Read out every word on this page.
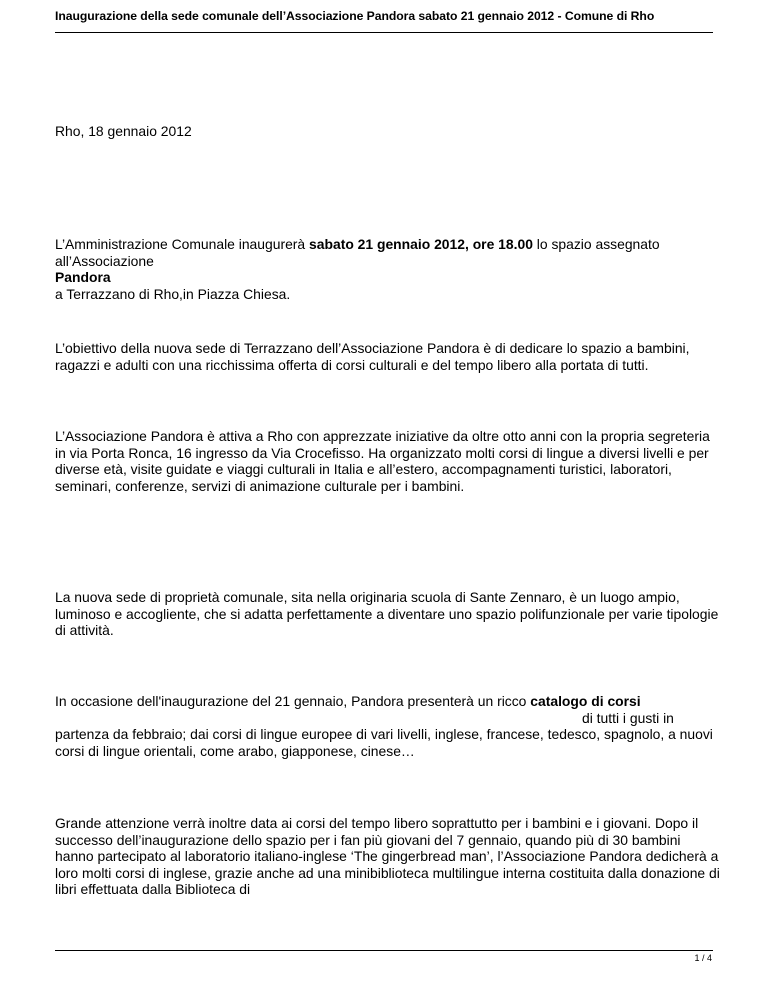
Inaugurazione della sede comunale dell’Associazione Pandora sabato 21 gennaio 2012 - Comune di Rho

Rho, 18 gennaio 2012

L’Amministrazione Comunale inaugurerà sabato 21 gennaio 2012, ore 18.00 lo spazio assegnato all’Associazione
Pandora
a Terrazzano di Rho,in Piazza Chiesa.

L’obiettivo della nuova sede di Terrazzano dell’Associazione Pandora è di dedicare lo spazio a bambini, ragazzi e adulti con una ricchissima offerta di corsi culturali e del tempo libero alla portata di tutti.

L’Associazione Pandora è attiva a Rho con apprezzate iniziative da oltre otto anni con la propria segreteria in via Porta Ronca, 16 ingresso da Via Crocefisso. Ha organizzato molti corsi di lingue a diversi livelli e per diverse età, visite guidate e viaggi culturali in Italia e all’estero, accompagnamenti turistici, laboratori, seminari, conferenze, servizi di animazione culturale per i bambini.

La nuova sede di proprietà comunale, sita nella originaria scuola di Sante Zennaro, è un luogo ampio, luminoso e accogliente, che si adatta perfettamente a diventare uno spazio polifunzionale per varie tipologie di attività.

In occasione dell'inaugurazione del 21 gennaio, Pandora presenterà un ricco catalogo di corsi
di tutti i gusti in
partenza da febbraio; dai corsi di lingue europee di vari livelli, inglese, francese, tedesco, spagnolo, a nuovi corsi di lingue orientali, come arabo, giapponese, cinese…

Grande attenzione verrà inoltre data ai corsi del tempo libero soprattutto per i bambini e i giovani. Dopo il successo dell’inaugurazione dello spazio per i fan più giovani del 7 gennaio, quando più di 30 bambini hanno partecipato al laboratorio italiano-inglese ‘The gingerbread man’, l’Associazione Pandora dedicherà a loro molti corsi di inglese, grazie anche ad una minibiblioteca multilingue interna costituita dalla donazione di libri effettuata dalla Biblioteca di

1 / 4
